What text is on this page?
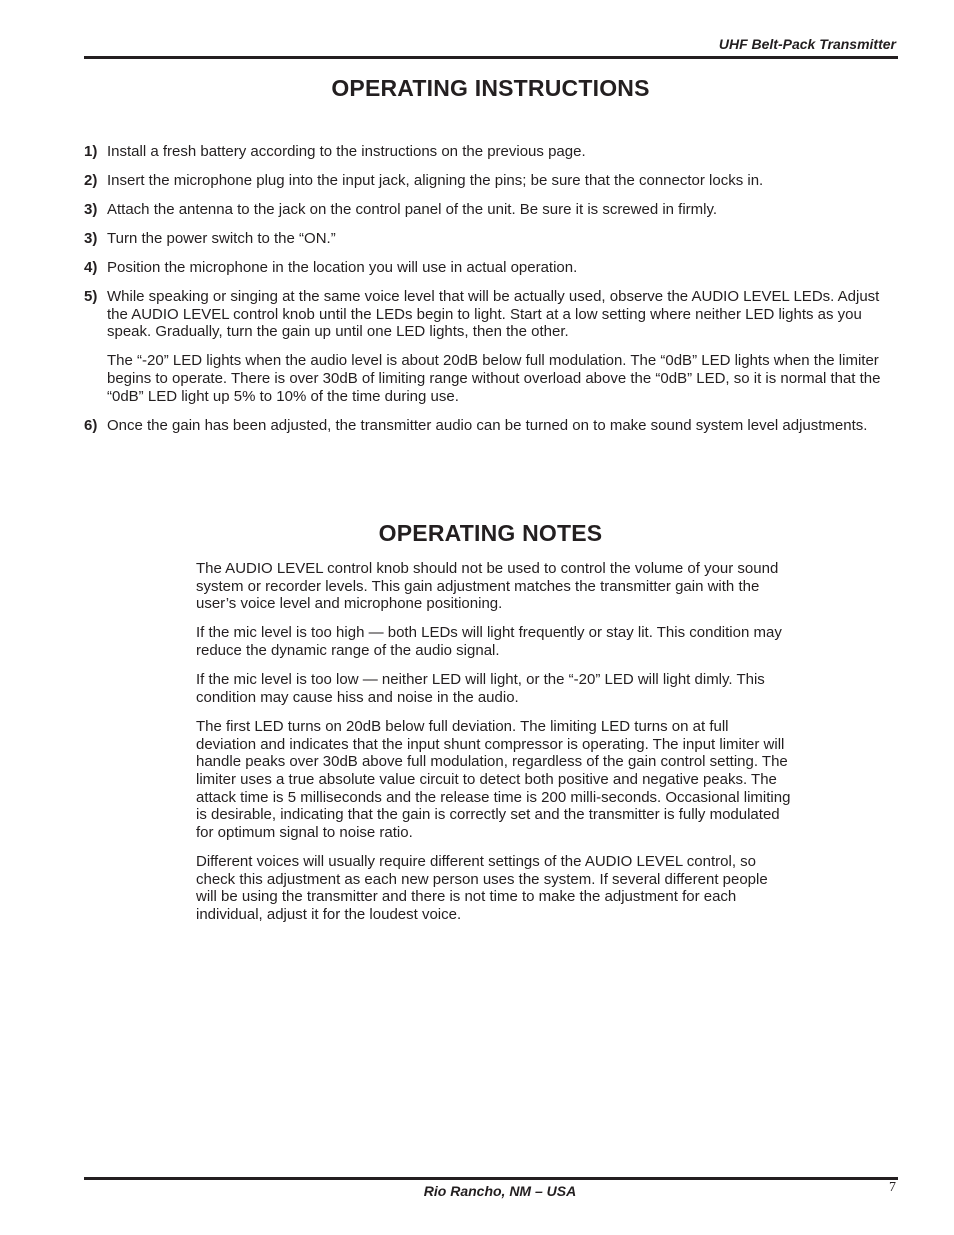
UHF Belt-Pack Transmitter
OPERATING INSTRUCTIONS
1) Install a fresh battery according to the instructions on the previous page.

2) Insert the microphone plug into the input jack, aligning the pins; be sure that the connector locks in.

3) Attach the antenna to the jack on the control panel of the unit. Be sure it is screwed in firmly.

3) Turn the power switch to the “ON.”

4) Position the microphone in the location you will use in actual operation.

5) While speaking or singing at the same voice level that will be actually used, observe the AUDIO LEVEL LEDs. Adjust the AUDIO LEVEL control knob until the LEDs begin to light. Start at a low setting where neither LED lights as you speak. Gradually, turn the gain up until one LED lights, then the other.

The “-20” LED lights when the audio level is about 20dB below full modulation. The “0dB” LED lights when the limiter begins to operate. There is over 30dB of limiting range without overload above the “0dB” LED, so it is normal that the “0dB” LED light up 5% to 10% of the time during use.

6) Once the gain has been adjusted, the transmitter audio can be turned on to make sound system level adjustments.

OPERATING NOTES

The AUDIO LEVEL control knob should not be used to control the volume of your sound system or recorder levels. This gain adjustment matches the transmitter gain with the user’s voice level and microphone positioning.

If the mic level is too high — both LEDs will light frequently or stay lit. This condition may reduce the dynamic range of the audio signal.

If the mic level is too low — neither LED will light, or the “-20” LED will light dimly. This condition may cause hiss and noise in the audio.

The first LED turns on 20dB below full deviation. The limiting LED turns on at full deviation and indicates that the input shunt compressor is operating. The input limiter will handle peaks over 30dB above full modulation, regardless of the gain control setting. The limiter uses a true absolute value circuit to detect both positive and negative peaks. The attack time is 5 milliseconds and the release time is 200 milli-seconds. Occasional limiting is desirable, indicating that the gain is correctly set and the transmitter is fully modulated for optimum signal to noise ratio.

Different voices will usually require different settings of the AUDIO LEVEL control, so check this adjustment as each new person uses the system. If several different people will be using the transmitter and there is not time to make the adjustment for each individual, adjust it for the loudest voice.

Rio Rancho, NM – USA	7
